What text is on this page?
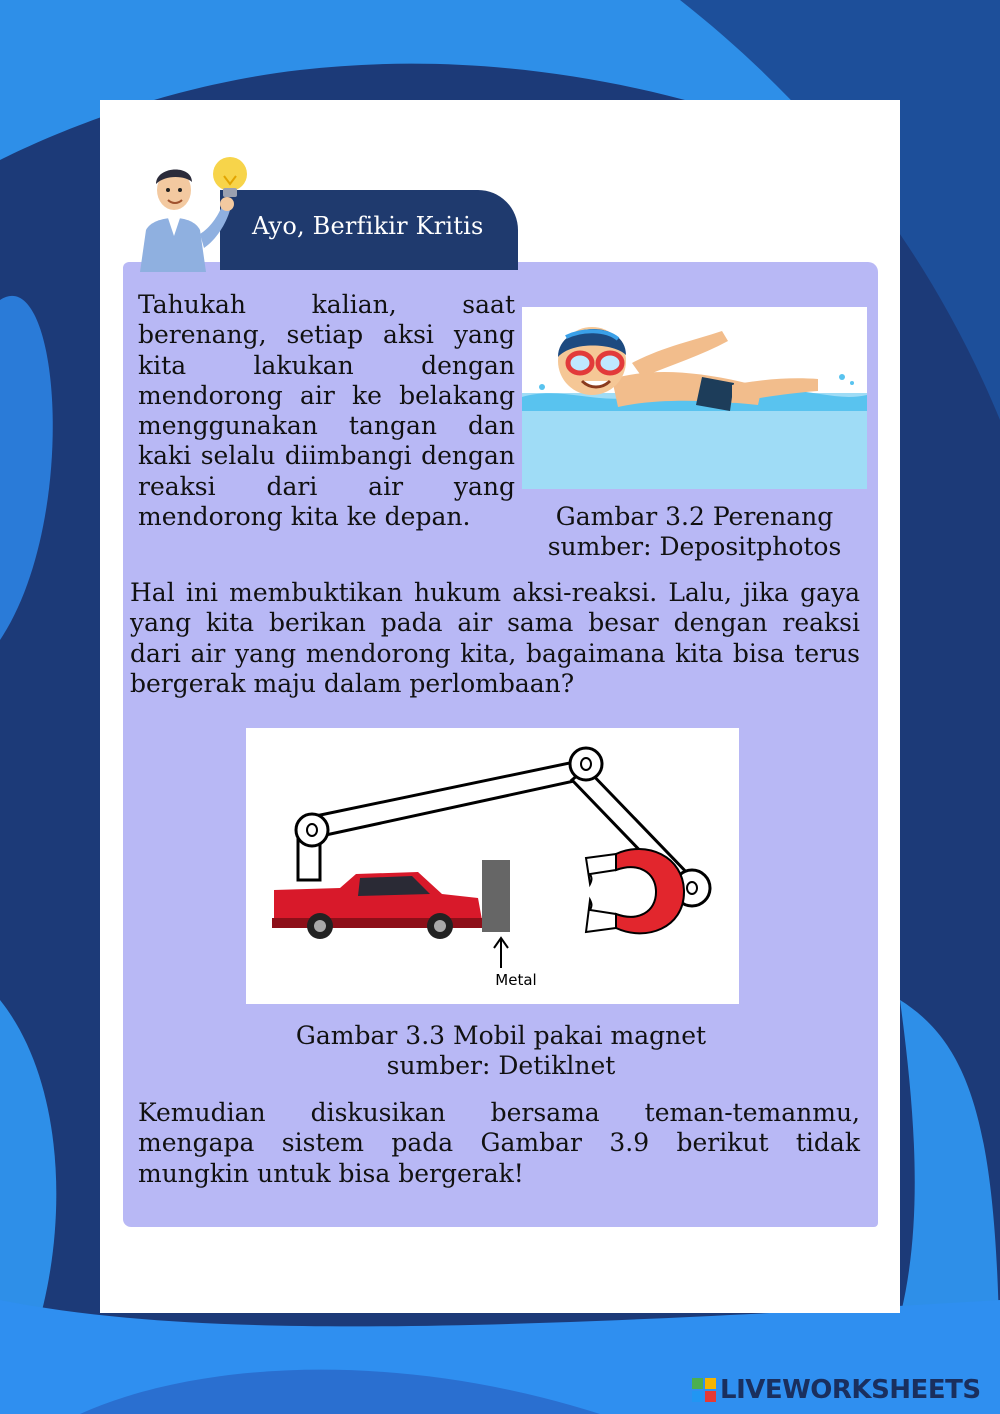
Ayo, Berfikir Kritis

Tahukah kalian, saat berenang, setiap aksi yang kita lakukan dengan mendorong air ke belakang menggunakan tangan dan kaki selalu diimbangi dengan reaksi dari air yang mendorong kita ke depan.	Gambar 3.2 Perenang

sumber: Depositphotos

Hal ini membuktikan hukum aksi-reaksi. Lalu, jika gaya yang kita berikan pada air sama besar dengan reaksi dari air yang mendorong kita, bagaimana kita bisa terus bergerak maju dalam perlombaan?

Metal

Gambar 3.3 Mobil pakai magnet

sumber: Detiklnet

Kemudian diskusikan bersama teman-temanmu, mengapa sistem pada Gambar 3.9 berikut tidak mungkin untuk bisa bergerak!

LIVEWORKSHEETS
